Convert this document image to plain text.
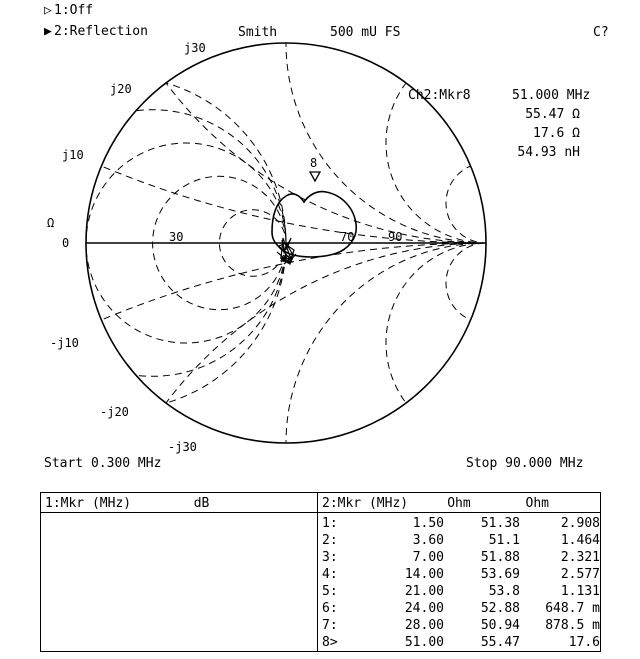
▷ 1:Off
▶ 2:Reflection	Smith	500 mU FS	C?
Ch2:Mkr8	51.000 MHz
55.47 Ω
17.6 Ω
54.93 nH
j30
j20
j10
Ω
0	30	70	90
-j10
-j20
-j30
8
Start 0.300 MHz	Stop 90.000 MHz
1:Mkr (MHz)        dB	2:Mkr (MHz)     Ohm       Ohm
1:	1.50	51.38	2.908
2:	3.60	51.1	1.464
3:	7.00	51.88	2.321
4:	14.00	53.69	2.577
5:	21.00	53.8	1.131
6:	24.00	52.88	648.7 m
7:	28.00	50.94	878.5 m
8>	51.00	55.47	17.6
